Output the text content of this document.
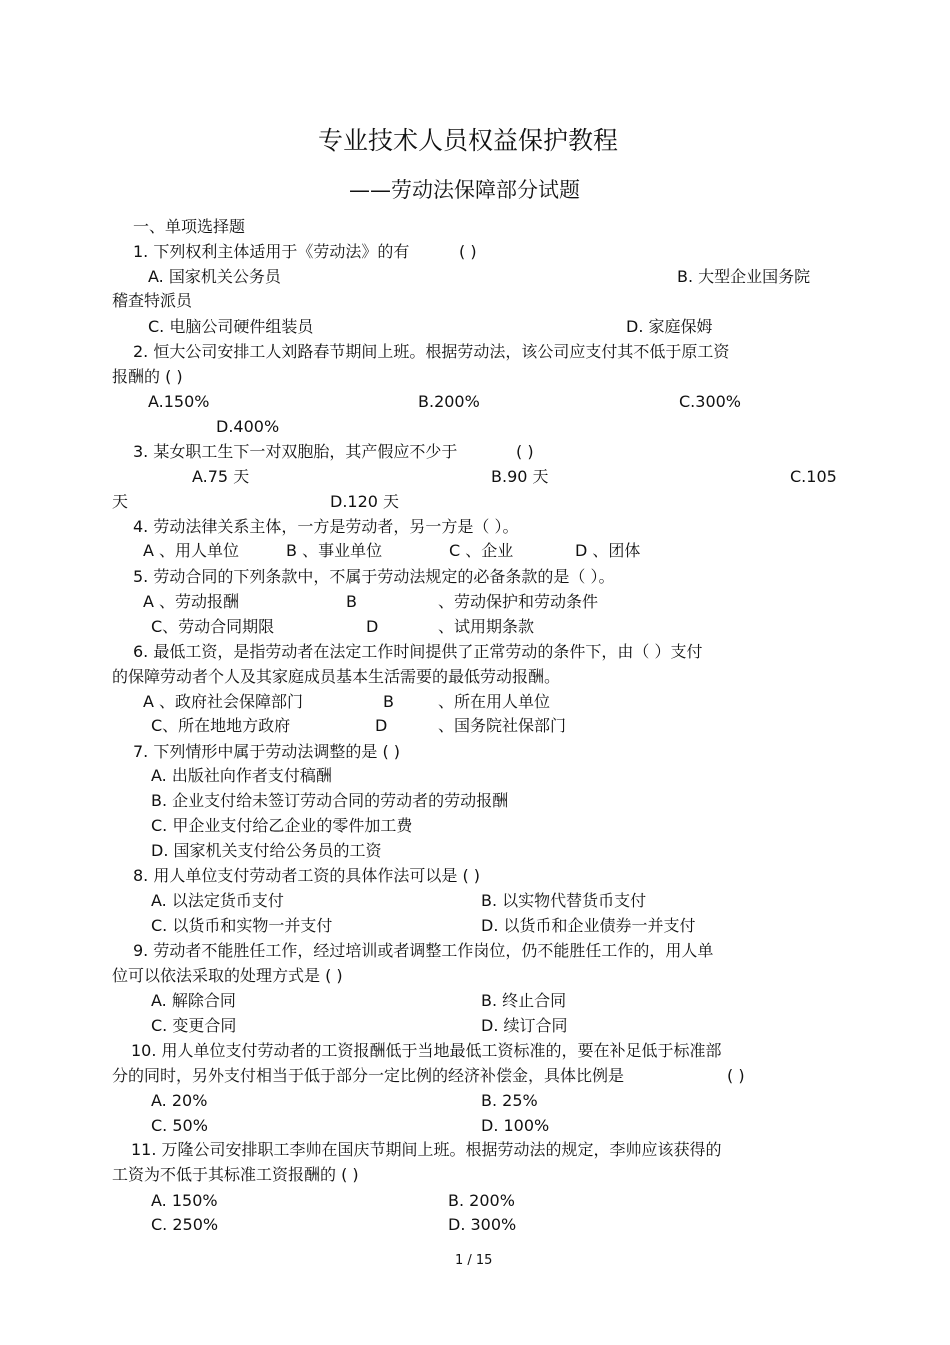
专业技术人员权益保护教程
——劳动法保障部分试题
一、单项选择题
1. 下列权利主体适用于《劳动法》的有	( )
A. 国家机关公务员	B. 大型企业国务院
稽查特派员
C. 电脑公司硬件组装员	D. 家庭保姆
2. 恒大公司安排工人刘路春节期间上班。根据劳动法，该公司应支付其不低于原工资
报酬的 ( )
A.150%	B.200%	C.300%
D.400%
3. 某女职工生下一对双胞胎，其产假应不少于	( )
A.75 天	B.90 天	C.105
天	D.120 天
4. 劳动法律关系主体，一方是劳动者，另一方是（ ）。
A 、用人单位	B 、事业单位	C 、企业	D 、团体
5. 劳动合同的下列条款中，不属于劳动法规定的必备条款的是（ ）。
A 、劳动报酬	B	、劳动保护和劳动条件
C、劳动合同期限	D	、试用期条款
6. 最低工资，是指劳动者在法定工作时间提供了正常劳动的条件下，由（ ）支付
的保障劳动者个人及其家庭成员基本生活需要的最低劳动报酬。
A 、政府社会保障部门	B	、所在用人单位
C、所在地地方政府	D	、国务院社保部门
7. 下列情形中属于劳动法调整的是 ( )
A. 出版社向作者支付稿酬
B. 企业支付给未签订劳动合同的劳动者的劳动报酬
C. 甲企业支付给乙企业的零件加工费
D. 国家机关支付给公务员的工资
8. 用人单位支付劳动者工资的具体作法可以是 ( )
A. 以法定货币支付	B. 以实物代替货币支付
C. 以货币和实物一并支付	D. 以货币和企业债券一并支付
9. 劳动者不能胜任工作，经过培训或者调整工作岗位，仍不能胜任工作的，用人单
位可以依法采取的处理方式是 ( )
A. 解除合同	B. 终止合同
C. 变更合同	D. 续订合同
10. 用人单位支付劳动者的工资报酬低于当地最低工资标准的，要在补足低于标准部
分的同时，另外支付相当于低于部分一定比例的经济补偿金，具体比例是	( )
A. 20%	B. 25%
C. 50%	D. 100%
11. 万隆公司安排职工李帅在国庆节期间上班。根据劳动法的规定，李帅应该获得的
工资为不低于其标准工资报酬的 ( )
A. 150%	B. 200%
C. 250%	D. 300%
1 / 15
